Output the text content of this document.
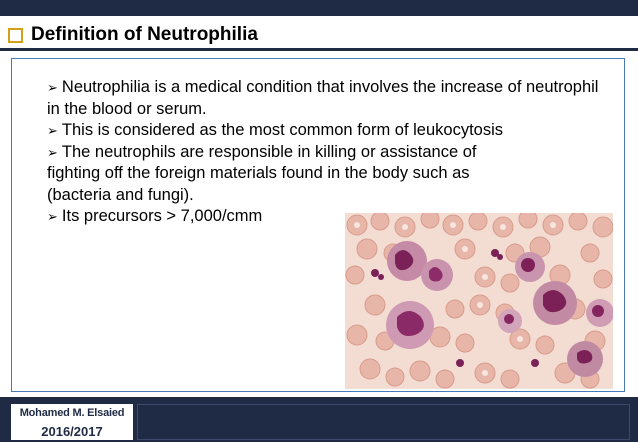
Definition of Neutrophilia

➢ Neutrophilia is a medical condition that involves the increase of neutrophil in the blood or serum.

➢ This is considered as the most common form of leukocytosis

➢ The neutrophils are responsible in killing or assistance of fighting off the foreign materials found in the body such as (bacteria and fungi).

➢ Its precursors > 7,000/cmm

Mohamed M. Elsaied
2016/2017
